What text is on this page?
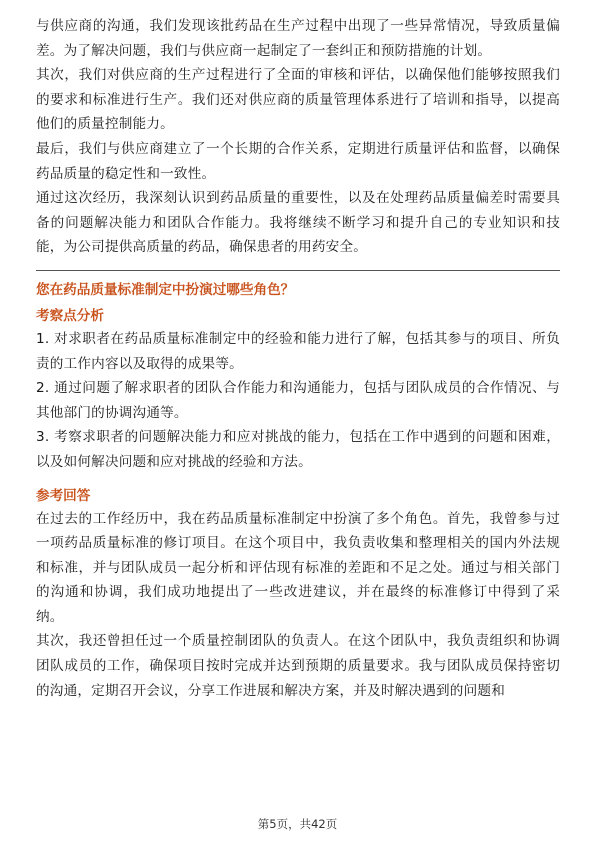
与供应商的沟通，我们发现该批药品在生产过程中出现了一些异常情况，导致质量偏差。为了解决问题，我们与供应商一起制定了一套纠正和预防措施的计划。

其次，我们对供应商的生产过程进行了全面的审核和评估，以确保他们能够按照我们的要求和标准进行生产。我们还对供应商的质量管理体系进行了培训和指导，以提高他们的质量控制能力。

最后，我们与供应商建立了一个长期的合作关系，定期进行质量评估和监督，以确保药品质量的稳定性和一致性。

通过这次经历，我深刻认识到药品质量的重要性，以及在处理药品质量偏差时需要具备的问题解决能力和团队合作能力。我将继续不断学习和提升自己的专业知识和技能，为公司提供高质量的药品，确保患者的用药安全。

您在药品质量标准制定中扮演过哪些角色？

考察点分析

1. 对求职者在药品质量标准制定中的经验和能力进行了解，包括其参与的项目、所负责的工作内容以及取得的成果等。

2. 通过问题了解求职者的团队合作能力和沟通能力，包括与团队成员的合作情况、与其他部门的协调沟通等。

3. 考察求职者的问题解决能力和应对挑战的能力，包括在工作中遇到的问题和困难，以及如何解决问题和应对挑战的经验和方法。

参考回答

在过去的工作经历中，我在药品质量标准制定中扮演了多个角色。首先，我曾参与过一项药品质量标准的修订项目。在这个项目中，我负责收集和整理相关的国内外法规和标准，并与团队成员一起分析和评估现有标准的差距和不足之处。通过与相关部门的沟通和协调，我们成功地提出了一些改进建议，并在最终的标准修订中得到了采纳。

其次，我还曾担任过一个质量控制团队的负责人。在这个团队中，我负责组织和协调团队成员的工作，确保项目按时完成并达到预期的质量要求。我与团队成员保持密切的沟通，定期召开会议，分享工作进展和解决方案，并及时解决遇到的问题和

第5页，共42页
